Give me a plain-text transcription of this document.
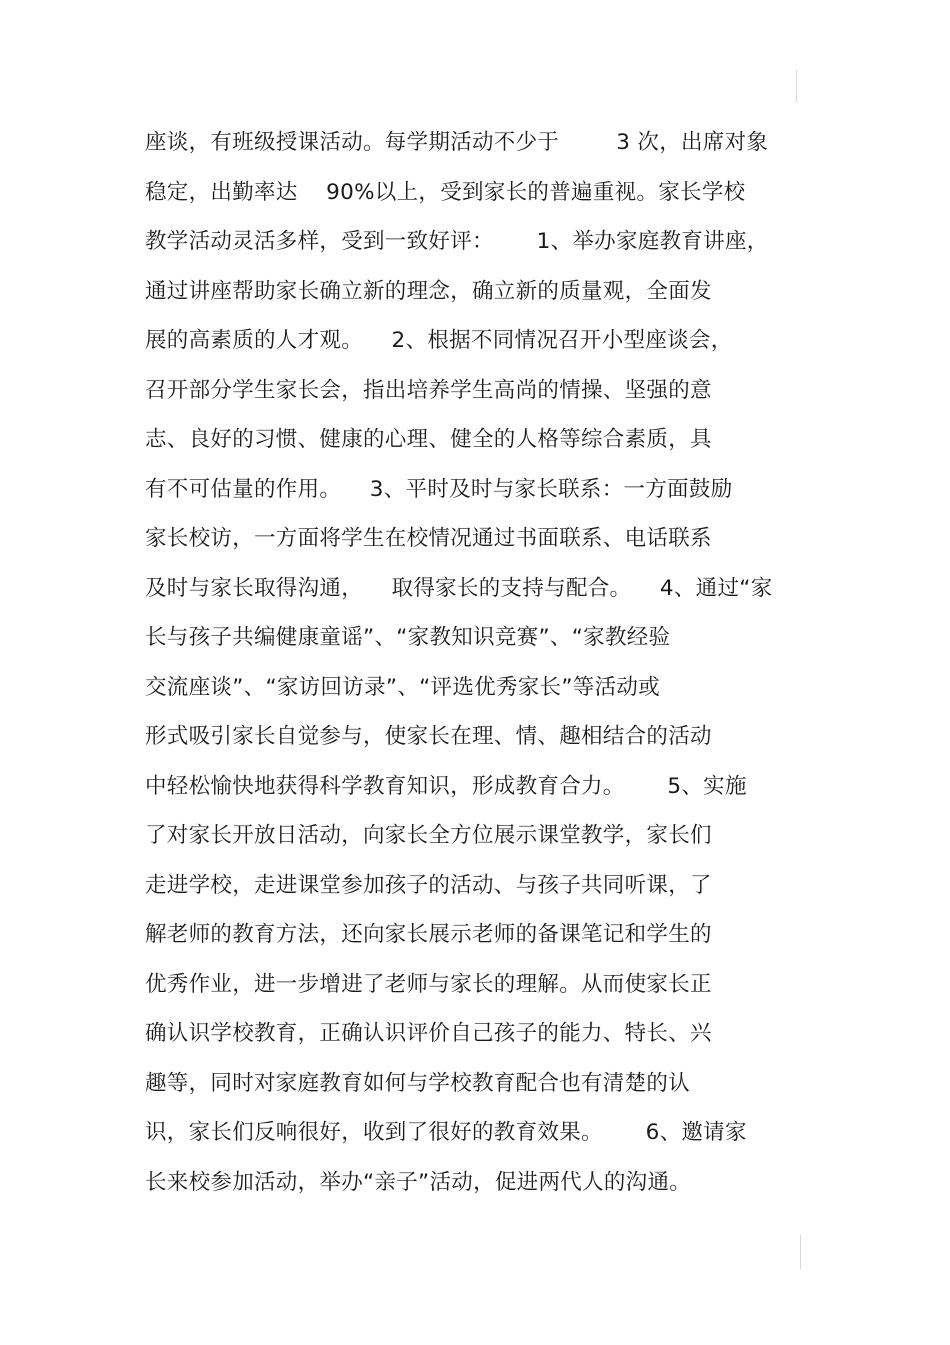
座谈，有班级授课活动。每学期活动不少于        3 次，出席对象
稳定，出勤率达    90%以上，受到家长的普遍重视。家长学校
教学活动灵活多样，受到一致好评：      1、举办家庭教育讲座，
通过讲座帮助家长确立新的理念，确立新的质量观，全面发
展的高素质的人才观。    2、根据不同情况召开小型座谈会，
召开部分学生家长会，指出培养学生高尚的情操、坚强的意
志、良好的习惯、健康的心理、健全的人格等综合素质，具
有不可估量的作用。    3、平时及时与家长联系：一方面鼓励
家长校访，一方面将学生在校情况通过书面联系、电话联系
及时与家长取得沟通，    取得家长的支持与配合。    4、通过“家
长与孩子共编健康童谣”、“家教知识竞赛”、“家教经验
交流座谈”、“家访回访录”、“评选优秀家长”等活动或
形式吸引家长自觉参与，使家长在理、情、趣相结合的活动
中轻松愉快地获得科学教育知识，形成教育合力。      5、实施
了对家长开放日活动，向家长全方位展示课堂教学，家长们
走进学校，走进课堂参加孩子的活动、与孩子共同听课，了
解老师的教育方法，还向家长展示老师的备课笔记和学生的
优秀作业，进一步增进了老师与家长的理解。从而使家长正
确认识学校教育，正确认识评价自己孩子的能力、特长、兴
趣等，同时对家庭教育如何与学校教育配合也有清楚的认
识，家长们反响很好，收到了很好的教育效果。      6、邀请家
长来校参加活动，举办“亲子”活动，促进两代人的沟通。
